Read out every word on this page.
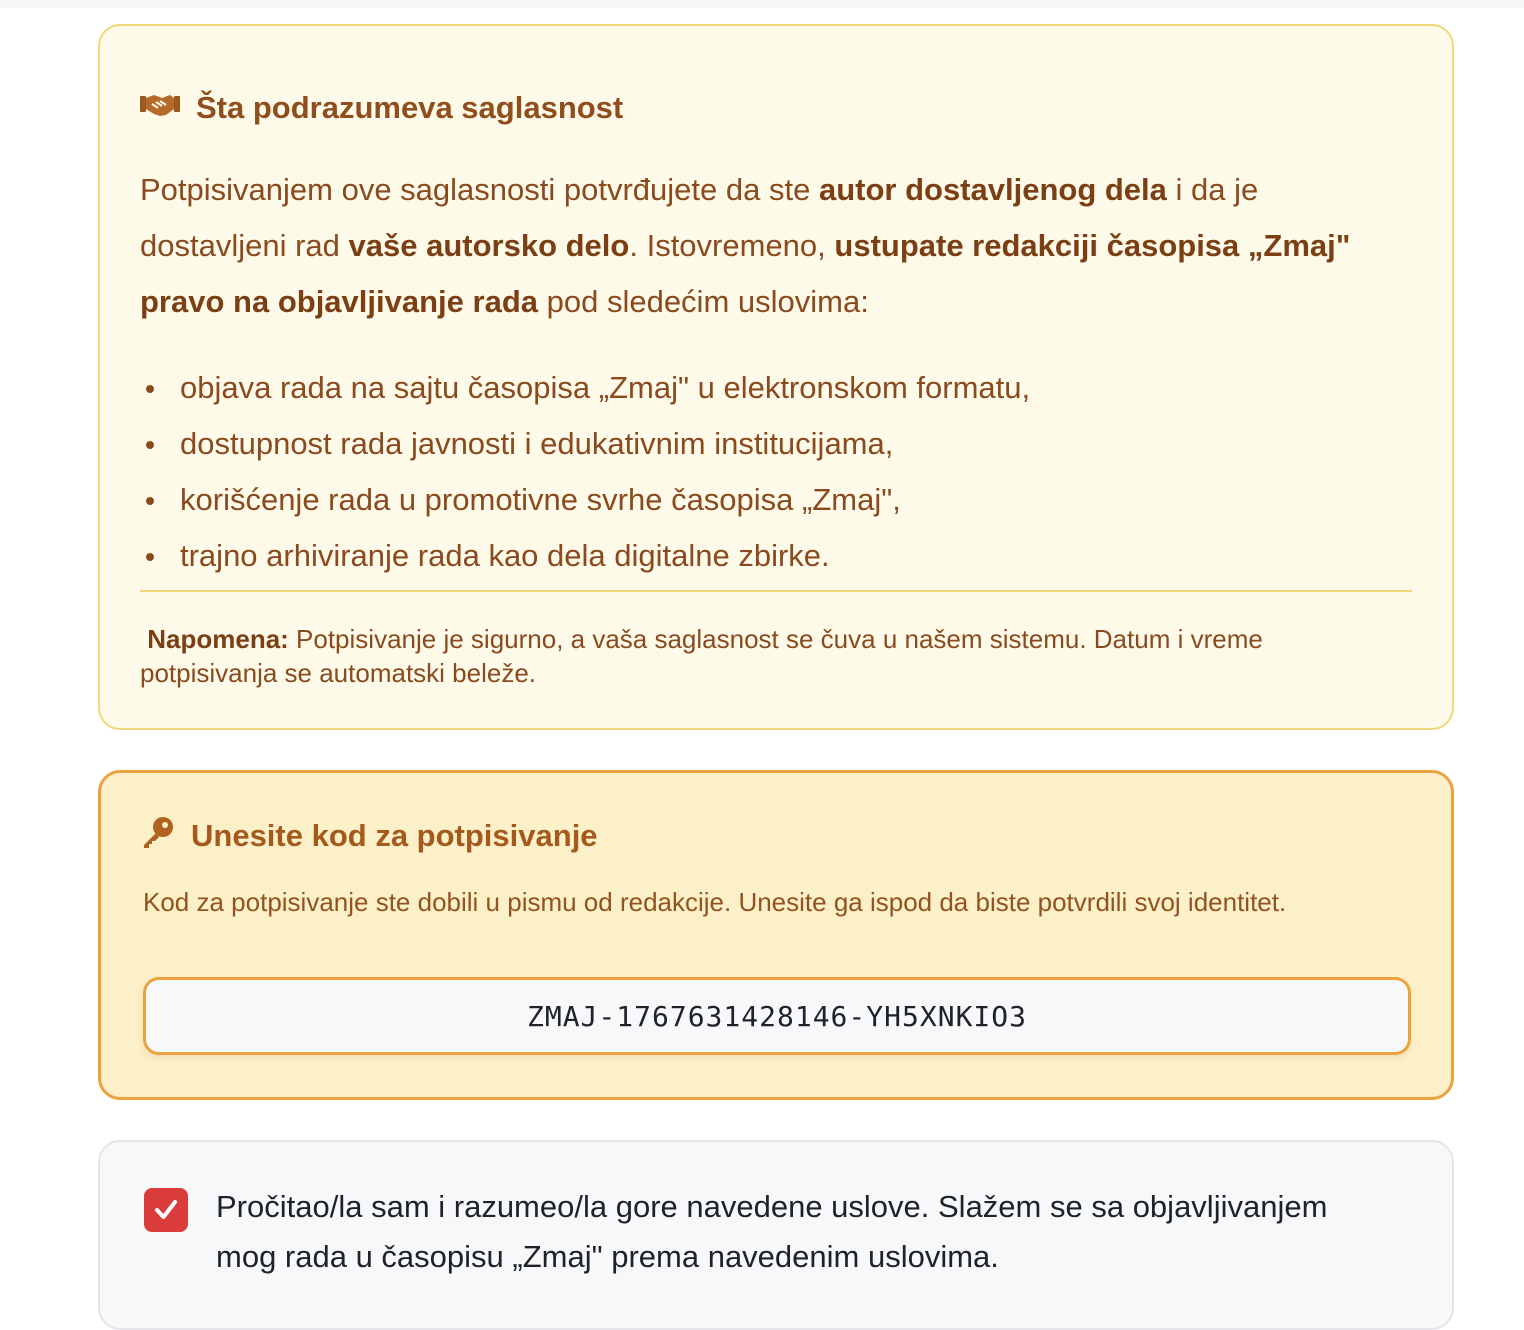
Šta podrazumeva saglasnost
Potpisivanjem ove saglasnosti potvrđujete da ste autor dostavljenog dela i da je dostavljeni rad vaše autorsko delo. Istovremeno, ustupate redakciji časopisa „Zmaj" pravo na objavljivanje rada pod sledećim uslovima:
objava rada na sajtu časopisa „Zmaj" u elektronskom formatu,
dostupnost rada javnosti i edukativnim institucijama,
korišćenje rada u promotivne svrhe časopisa „Zmaj",
trajno arhiviranje rada kao dela digitalne zbirke.
Napomena: Potpisivanje je sigurno, a vaša saglasnost se čuva u našem sistemu. Datum i vreme potpisivanja se automatski beleže.
Unesite kod za potpisivanje
Kod za potpisivanje ste dobili u pismu od redakcije. Unesite ga ispod da biste potvrdili svoj identitet.
ZMAJ-1767631428146-YH5XNKIO3
Pročitao/la sam i razumeo/la gore navedene uslove. Slažem se sa objavljivanjem mog rada u časopisu „Zmaj" prema navedenim uslovima.
